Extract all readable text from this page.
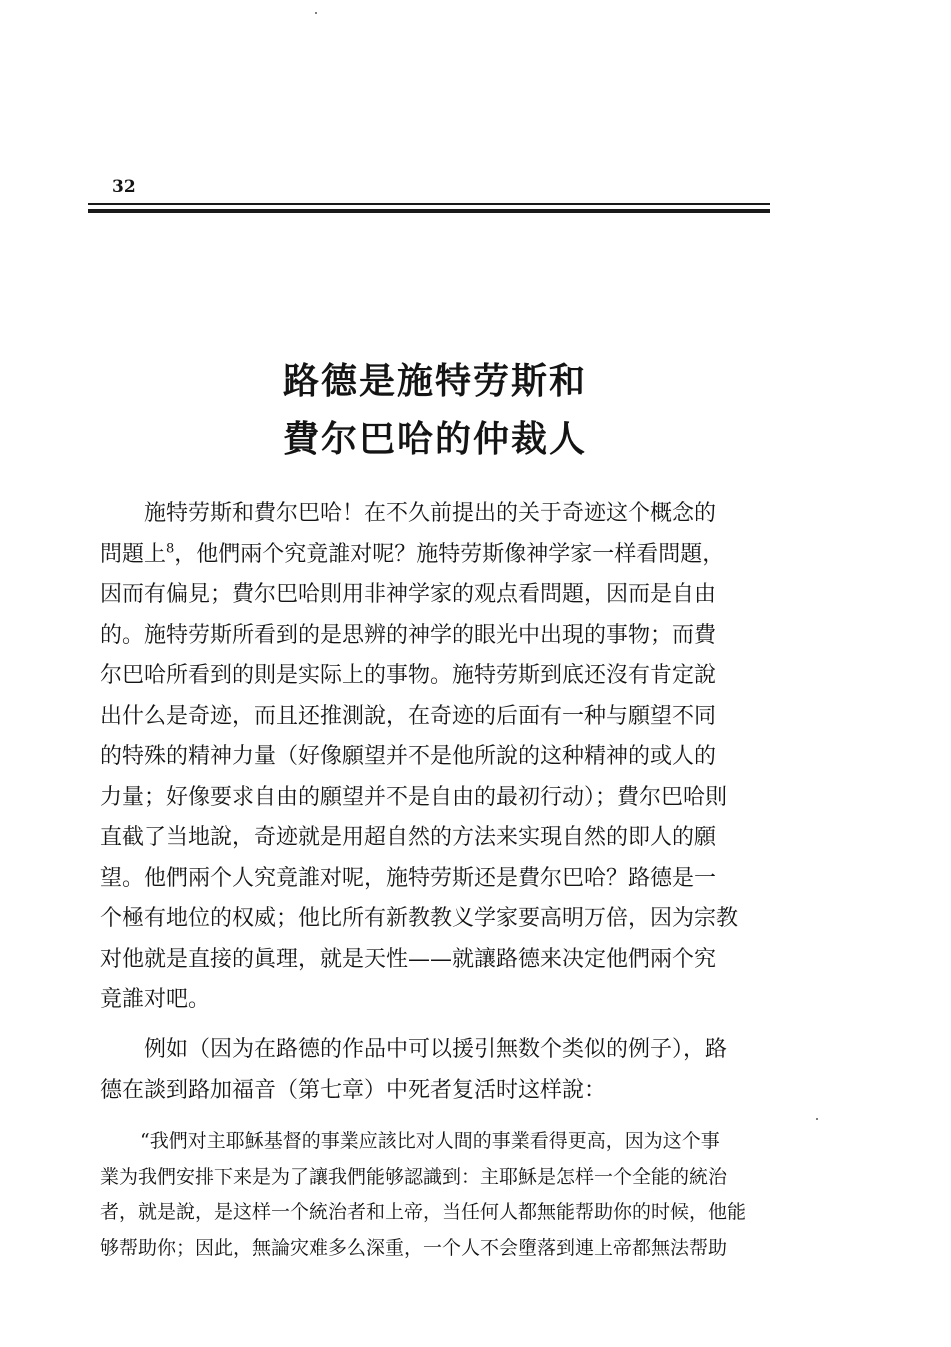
32
路德是施特劳斯和
費尔巴哈的仲裁人
施特劳斯和費尔巴哈！在不久前提出的关于奇迹这个概念的
問題上$^8$，他們兩个究竟誰对呢？施特劳斯像神学家一样看問題，
因而有偏見；費尔巴哈則用非神学家的观点看問題，因而是自由
的。施特劳斯所看到的是思辨的神学的眼光中出現的事物；而費
尔巴哈所看到的則是实际上的事物。施特劳斯到底还沒有肯定說
出什么是奇迹，而且还推測說，在奇迹的后面有一种与願望不同
的特殊的精神力量（好像願望并不是他所說的这种精神的或人的
力量；好像要求自由的願望并不是自由的最初行动）；費尔巴哈則
直截了当地說，奇迹就是用超自然的方法来实現自然的即人的願
望。他們兩个人究竟誰对呢，施特劳斯还是費尔巴哈？路德是一
个極有地位的权威；他比所有新教教义学家要高明万倍，因为宗教
对他就是直接的眞理，就是天性——就讓路德来决定他們兩个究
竟誰对吧。
例如（因为在路德的作品中可以援引無数个类似的例子），路
德在談到路加福音（第七章）中死者复活时这样說：
“我們对主耶穌基督的事業应該比对人間的事業看得更高，因为这个事
業为我們安排下来是为了讓我們能够認識到：主耶穌是怎样一个全能的統治
者，就是說，是这样一个統治者和上帝，当任何人都無能帮助你的时候，他能
够帮助你；因此，無論灾难多么深重，一个人不会墮落到連上帝都無法帮助
